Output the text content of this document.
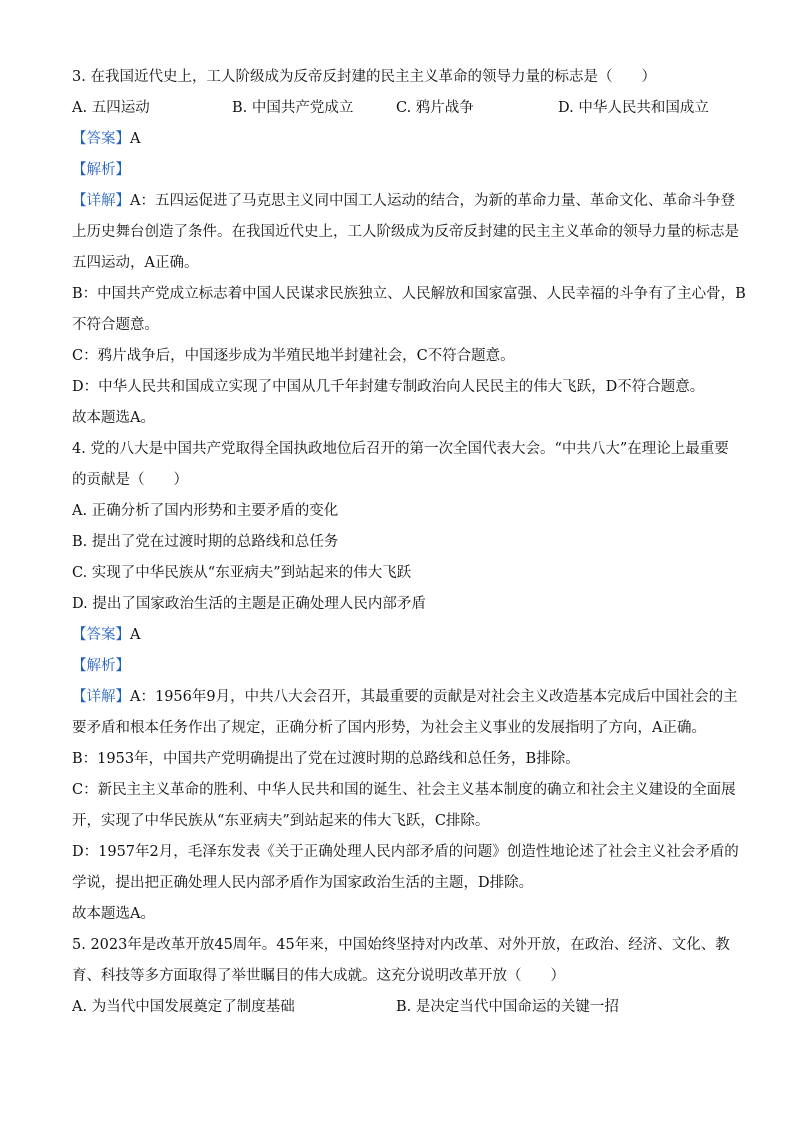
3. 在我国近代史上，工人阶级成为反帝反封建的民主主义革命的领导力量的标志是（　　）
A. 五四运动	B. 中国共产党成立	C. 鸦片战争	D. 中华人民共和国成立
【答案】A
【解析】
【详解】A：五四运促进了马克思主义同中国工人运动的结合，为新的革命力量、革命文化、革命斗争登
上历史舞台创造了条件。在我国近代史上，工人阶级成为反帝反封建的民主主义革命的领导力量的标志是
五四运动，A正确。
B：中国共产党成立标志着中国人民谋求民族独立、人民解放和国家富强、人民幸福的斗争有了主心骨，B
不符合题意。
C：鸦片战争后，中国逐步成为半殖民地半封建社会，C不符合题意。
D：中华人民共和国成立实现了中国从几千年封建专制政治向人民民主的伟大飞跃，D不符合题意。
故本题选A。
4. 党的八大是中国共产党取得全国执政地位后召开的第一次全国代表大会。“中共八大”在理论上最重要
的贡献是（　　）
A. 正确分析了国内形势和主要矛盾的变化
B. 提出了党在过渡时期的总路线和总任务
C. 实现了中华民族从“东亚病夫”到站起来的伟大飞跃
D. 提出了国家政治生活的主题是正确处理人民内部矛盾
【答案】A
【解析】
【详解】A：1956年9月，中共八大会召开，其最重要的贡献是对社会主义改造基本完成后中国社会的主
要矛盾和根本任务作出了规定，正确分析了国内形势，为社会主义事业的发展指明了方向，A正确。
B：1953年，中国共产党明确提出了党在过渡时期的总路线和总任务，B排除。
C：新民主主义革命的胜利、中华人民共和国的诞生、社会主义基本制度的确立和社会主义建设的全面展
开，实现了中华民族从“东亚病夫”到站起来的伟大飞跃，C排除。
D：1957年2月，毛泽东发表《关于正确处理人民内部矛盾的问题》创造性地论述了社会主义社会矛盾的
学说，提出把正确处理人民内部矛盾作为国家政治生活的主题，D排除。
故本题选A。
5. 2023年是改革开放45周年。45年来，中国始终坚持对内改革、对外开放，在政治、经济、文化、教
育、科技等多方面取得了举世瞩目的伟大成就。这充分说明改革开放（　　）
A. 为当代中国发展奠定了制度基础	B. 是决定当代中国命运的关键一招
